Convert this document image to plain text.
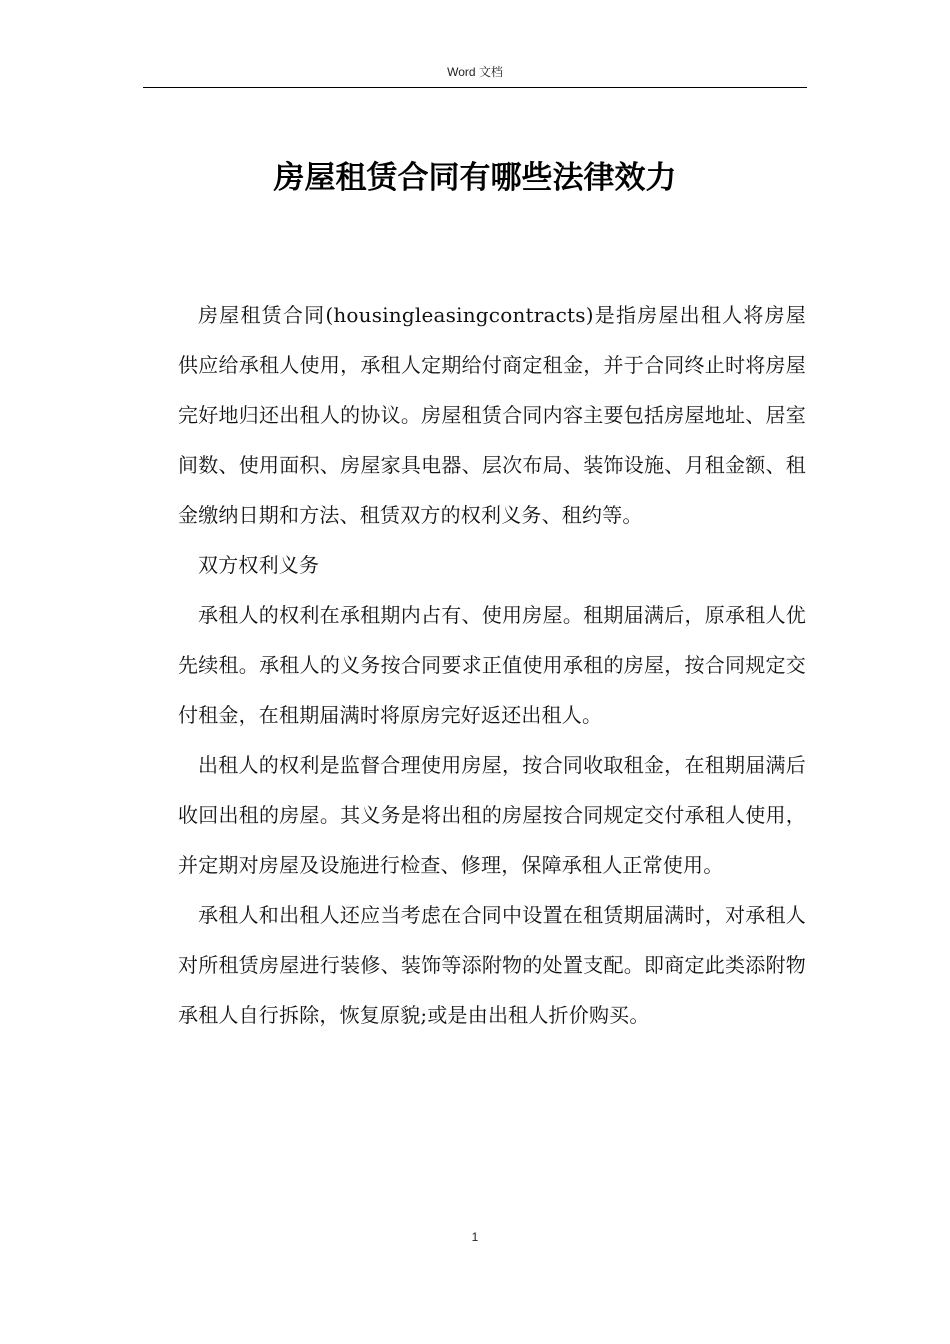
Word 文档
房屋租赁合同有哪些法律效力

房屋租赁合同(housingleasingcontracts)是指房屋出租人将房屋供应给承租人使用，承租人定期给付商定租金，并于合同终止时将房屋完好地归还出租人的协议。房屋租赁合同内容主要包括房屋地址、居室间数、使用面积、房屋家具电器、层次布局、装饰设施、月租金额、租金缴纳日期和方法、租赁双方的权利义务、租约等。

双方权利义务

承租人的权利在承租期内占有、使用房屋。租期届满后，原承租人优先续租。承租人的义务按合同要求正值使用承租的房屋，按合同规定交付租金，在租期届满时将原房完好返还出租人。

出租人的权利是监督合理使用房屋，按合同收取租金，在租期届满后收回出租的房屋。其义务是将出租的房屋按合同规定交付承租人使用，并定期对房屋及设施进行检查、修理，保障承租人正常使用。

承租人和出租人还应当考虑在合同中设置在租赁期届满时，对承租人对所租赁房屋进行装修、装饰等添附物的处置支配。即商定此类添附物承租人自行拆除，恢复原貌;或是由出租人折价购买。

1
